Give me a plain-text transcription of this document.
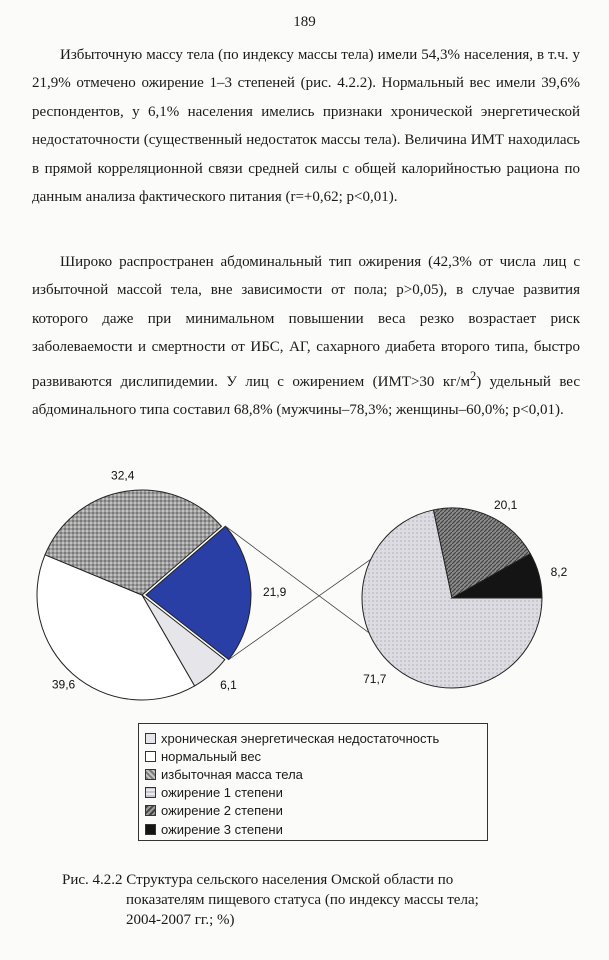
189

Избыточную массу тела (по индексу массы тела) имели 54,3% населения, в т.ч. у 21,9% отмечено ожирение 1–3 степеней (рис. 4.2.2). Нормальный вес имели 39,6% респондентов, у 6,1% населения имелись признаки хронической энергетической недостаточности (существенный недостаток массы тела). Величина ИМТ находилась в прямой корреляционной связи средней силы с общей калорийностью рациона по данным анализа фактического питания (r=+0,62; p<0,01).

Широко распространен абдоминальный тип ожирения (42,3% от числа лиц с избыточной массой тела, вне зависимости от пола; p>0,05), в случае развития которого даже при минимальном повышении веса резко возрастает риск заболеваемости и смертности от ИБС, АГ, сахарного диабета второго типа, быстро развиваются дислипидемии. У лиц с ожирением (ИМТ>30 $кг/м^2$) удельный вес абдоминального типа составил 68,8% (мужчины–78,3%; женщины–60,0%; p<0,01).

6,1
39,6
32,4
21,9
71,7
20,1
8,2
хроническая энергетическая недостаточность
нормальный вес
избыточная масса тела
ожирение 1 степени
ожирение 2 степени
ожирение 3 степени
Рис. 4.2.2 Структура сельского населения Омской области по
показателям пищевого статуса (по индексу массы тела;
2004-2007 гг.; %)
